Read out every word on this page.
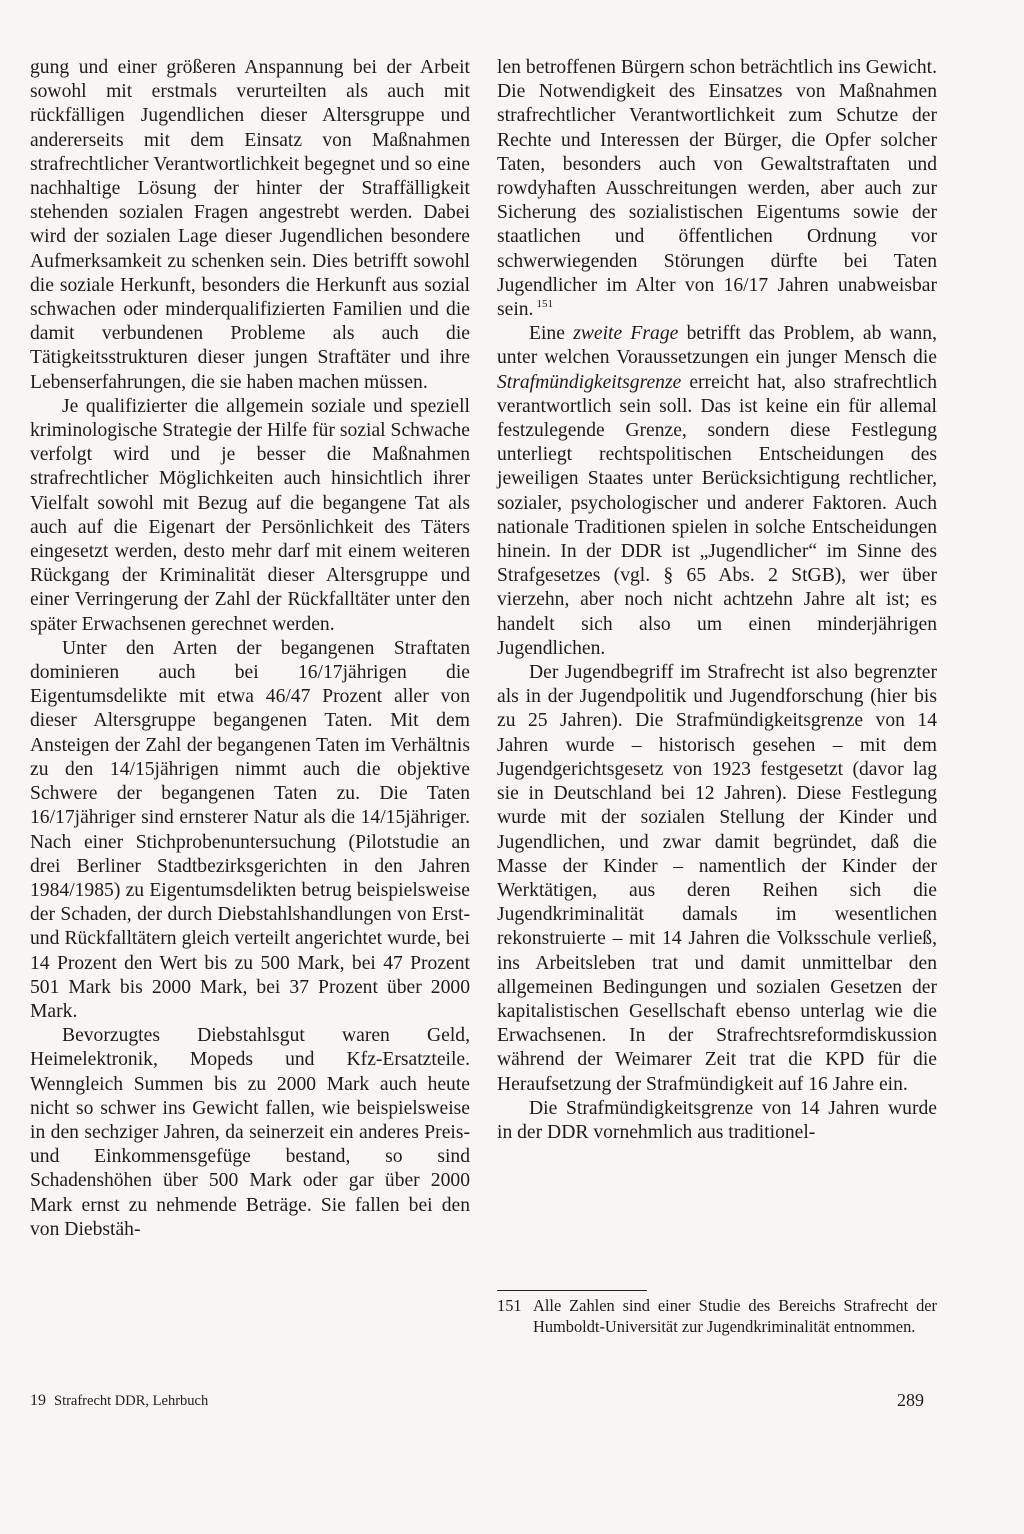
gung und einer größeren Anspannung bei der Arbeit sowohl mit erstmals verurteilten als auch mit rückfälligen Jugendlichen dieser Altersgruppe und andererseits mit dem Einsatz von Maßnahmen strafrechtlicher Verantwortlichkeit begegnet und so eine nachhaltige Lösung der hinter der Straffälligkeit stehenden sozialen Fragen angestrebt werden. Dabei wird der sozialen Lage dieser Jugendlichen besondere Aufmerksamkeit zu schenken sein. Dies betrifft sowohl die soziale Herkunft, besonders die Herkunft aus sozial schwachen oder minderqualifizierten Familien und die damit verbundenen Probleme als auch die Tätigkeitsstrukturen dieser jungen Straftäter und ihre Lebenserfahrungen, die sie haben machen müssen.

Je qualifizierter die allgemein soziale und speziell kriminologische Strategie der Hilfe für sozial Schwache verfolgt wird und je besser die Maßnahmen strafrechtlicher Möglichkeiten auch hinsichtlich ihrer Vielfalt sowohl mit Bezug auf die begangene Tat als auch auf die Eigenart der Persönlichkeit des Täters eingesetzt werden, desto mehr darf mit einem weiteren Rückgang der Kriminalität dieser Altersgruppe und einer Verringerung der Zahl der Rückfalltäter unter den später Erwachsenen gerechnet werden.

Unter den Arten der begangenen Straftaten dominieren auch bei 16/17jährigen die Eigentumsdelikte mit etwa 46/47 Prozent aller von dieser Altersgruppe begangenen Taten. Mit dem Ansteigen der Zahl der begangenen Taten im Verhältnis zu den 14/15jährigen nimmt auch die objektive Schwere der begangenen Taten zu. Die Taten 16/17jähriger sind ernsterer Natur als die 14/15jähriger. Nach einer Stichprobenuntersuchung (Pilotstudie an drei Berliner Stadtbezirksgerichten in den Jahren 1984/1985) zu Eigentumsdelikten betrug beispielsweise der Schaden, der durch Diebstahlshandlungen von Erst- und Rückfalltätern gleich verteilt angerichtet wurde, bei 14 Prozent den Wert bis zu 500 Mark, bei 47 Prozent 501 Mark bis 2000 Mark, bei 37 Prozent über 2000 Mark.

Bevorzugtes Diebstahlsgut waren Geld, Heimelektronik, Mopeds und Kfz-Ersatzteile. Wenngleich Summen bis zu 2000 Mark auch heute nicht so schwer ins Gewicht fallen, wie beispielsweise in den sechziger Jahren, da seinerzeit ein anderes Preis- und Einkommensgefüge bestand, so sind Schadenshöhen über 500 Mark oder gar über 2000 Mark ernst zu nehmende Beträge. Sie fallen bei den von Diebstäh-

len betroffenen Bürgern schon beträchtlich ins Gewicht. Die Notwendigkeit des Einsatzes von Maßnahmen strafrechtlicher Verantwortlichkeit zum Schutze der Rechte und Interessen der Bürger, die Opfer solcher Taten, besonders auch von Gewaltstraftaten und rowdyhaften Ausschreitungen werden, aber auch zur Sicherung des sozialistischen Eigentums sowie der staatlichen und öffentlichen Ordnung vor schwerwiegenden Störungen dürfte bei Taten Jugendlicher im Alter von 16/17 Jahren unabweisbar sein. $^{151}$

Eine zweite Frage betrifft das Problem, ab wann, unter welchen Voraussetzungen ein junger Mensch die Strafmündigkeitsgrenze erreicht hat, also strafrechtlich verantwortlich sein soll. Das ist keine ein für allemal festzulegende Grenze, sondern diese Festlegung unterliegt rechtspolitischen Entscheidungen des jeweiligen Staates unter Berücksichtigung rechtlicher, sozialer, psychologischer und anderer Faktoren. Auch nationale Traditionen spielen in solche Entscheidungen hinein. In der DDR ist „Jugendlicher“ im Sinne des Strafgesetzes (vgl. § 65 Abs. 2 StGB), wer über vierzehn, aber noch nicht achtzehn Jahre alt ist; es handelt sich also um einen minderjährigen Jugendlichen.

Der Jugendbegriff im Strafrecht ist also begrenzter als in der Jugendpolitik und Jugendforschung (hier bis zu 25 Jahren). Die Strafmündigkeitsgrenze von 14 Jahren wurde – historisch gesehen – mit dem Jugendgerichtsgesetz von 1923 festgesetzt (davor lag sie in Deutschland bei 12 Jahren). Diese Festlegung wurde mit der sozialen Stellung der Kinder und Jugendlichen, und zwar damit begründet, daß die Masse der Kinder – namentlich der Kinder der Werktätigen, aus deren Reihen sich die Jugendkriminalität damals im wesentlichen rekonstruierte – mit 14 Jahren die Volksschule verließ, ins Arbeitsleben trat und damit unmittelbar den allgemeinen Bedingungen und sozialen Gesetzen der kapitalistischen Gesellschaft ebenso unterlag wie die Erwachsenen. In der Strafrechtsreformdiskussion während der Weimarer Zeit trat die KPD für die Heraufsetzung der Strafmündigkeit auf 16 Jahre ein.

Die Strafmündigkeitsgrenze von 14 Jahren wurde in der DDR vornehmlich aus traditionel-

151 Alle Zahlen sind einer Studie des Bereichs Strafrecht der Humboldt-Universität zur Jugendkriminalität entnommen.
19 Strafrecht DDR, Lehrbuch	289
